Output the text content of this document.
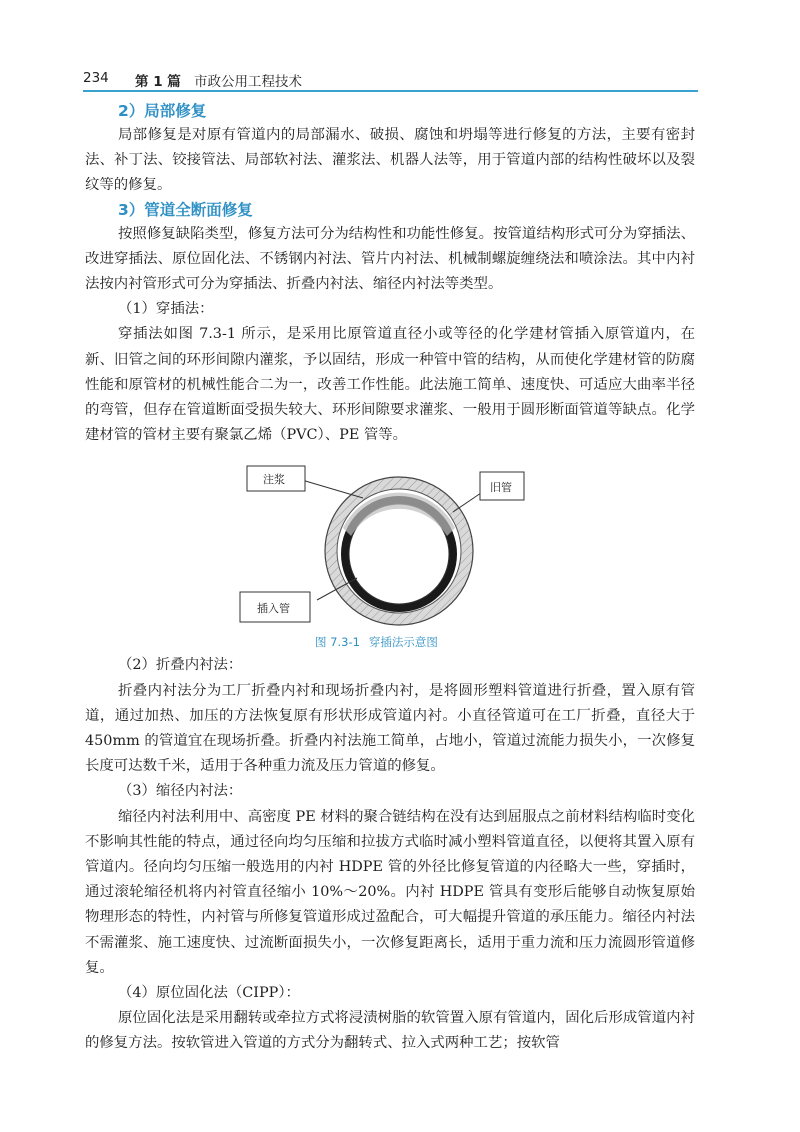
234 第 1 篇 市政公用工程技术
2）局部修复

局部修复是对原有管道内的局部漏水、破损、腐蚀和坍塌等进行修复的方法，主要有密封法、补丁法、铰接管法、局部软衬法、灌浆法、机器人法等，用于管道内部的结构性破坏以及裂纹等的修复。

3）管道全断面修复

按照修复缺陷类型，修复方法可分为结构性和功能性修复。按管道结构形式可分为穿插法、改进穿插法、原位固化法、不锈钢内衬法、管片内衬法、机械制螺旋缠绕法和喷涂法。其中内衬法按内衬管形式可分为穿插法、折叠内衬法、缩径内衬法等类型。

（1）穿插法：

穿插法如图 7.3-1 所示，是采用比原管道直径小或等径的化学建材管插入原管道内，在新、旧管之间的环形间隙内灌浆，予以固结，形成一种管中管的结构，从而使化学建材管的防腐性能和原管材的机械性能合二为一，改善工作性能。此法施工简单、速度快、可适应大曲率半径的弯管，但存在管道断面受损失较大、环形间隙要求灌浆、一般用于圆形断面管道等缺点。化学建材管的管材主要有聚氯乙烯（PVC）、PE 管等。

注浆
旧管
插入管
图 7.3-1 穿插法示意图
（2）折叠内衬法：

折叠内衬法分为工厂折叠内衬和现场折叠内衬，是将圆形塑料管道进行折叠，置入原有管道，通过加热、加压的方法恢复原有形状形成管道内衬。小直径管道可在工厂折叠，直径大于 450mm 的管道宜在现场折叠。折叠内衬法施工简单，占地小，管道过流能力损失小，一次修复长度可达数千米，适用于各种重力流及压力管道的修复。

（3）缩径内衬法：

缩径内衬法利用中、高密度 PE 材料的聚合链结构在没有达到屈服点之前材料结构临时变化不影响其性能的特点，通过径向均匀压缩和拉拔方式临时减小塑料管道直径，以便将其置入原有管道内。径向均匀压缩一般选用的内衬 HDPE 管的外径比修复管道的内径略大一些，穿插时，通过滚轮缩径机将内衬管直径缩小 10%～20%。内衬 HDPE 管具有变形后能够自动恢复原始物理形态的特性，内衬管与所修复管道形成过盈配合，可大幅提升管道的承压能力。缩径内衬法不需灌浆、施工速度快、过流断面损失小，一次修复距离长，适用于重力流和压力流圆形管道修复。

（4）原位固化法（CIPP）：

原位固化法是采用翻转或牵拉方式将浸渍树脂的软管置入原有管道内，固化后形成管道内衬的修复方法。按软管进入管道的方式分为翻转式、拉入式两种工艺；按软管
